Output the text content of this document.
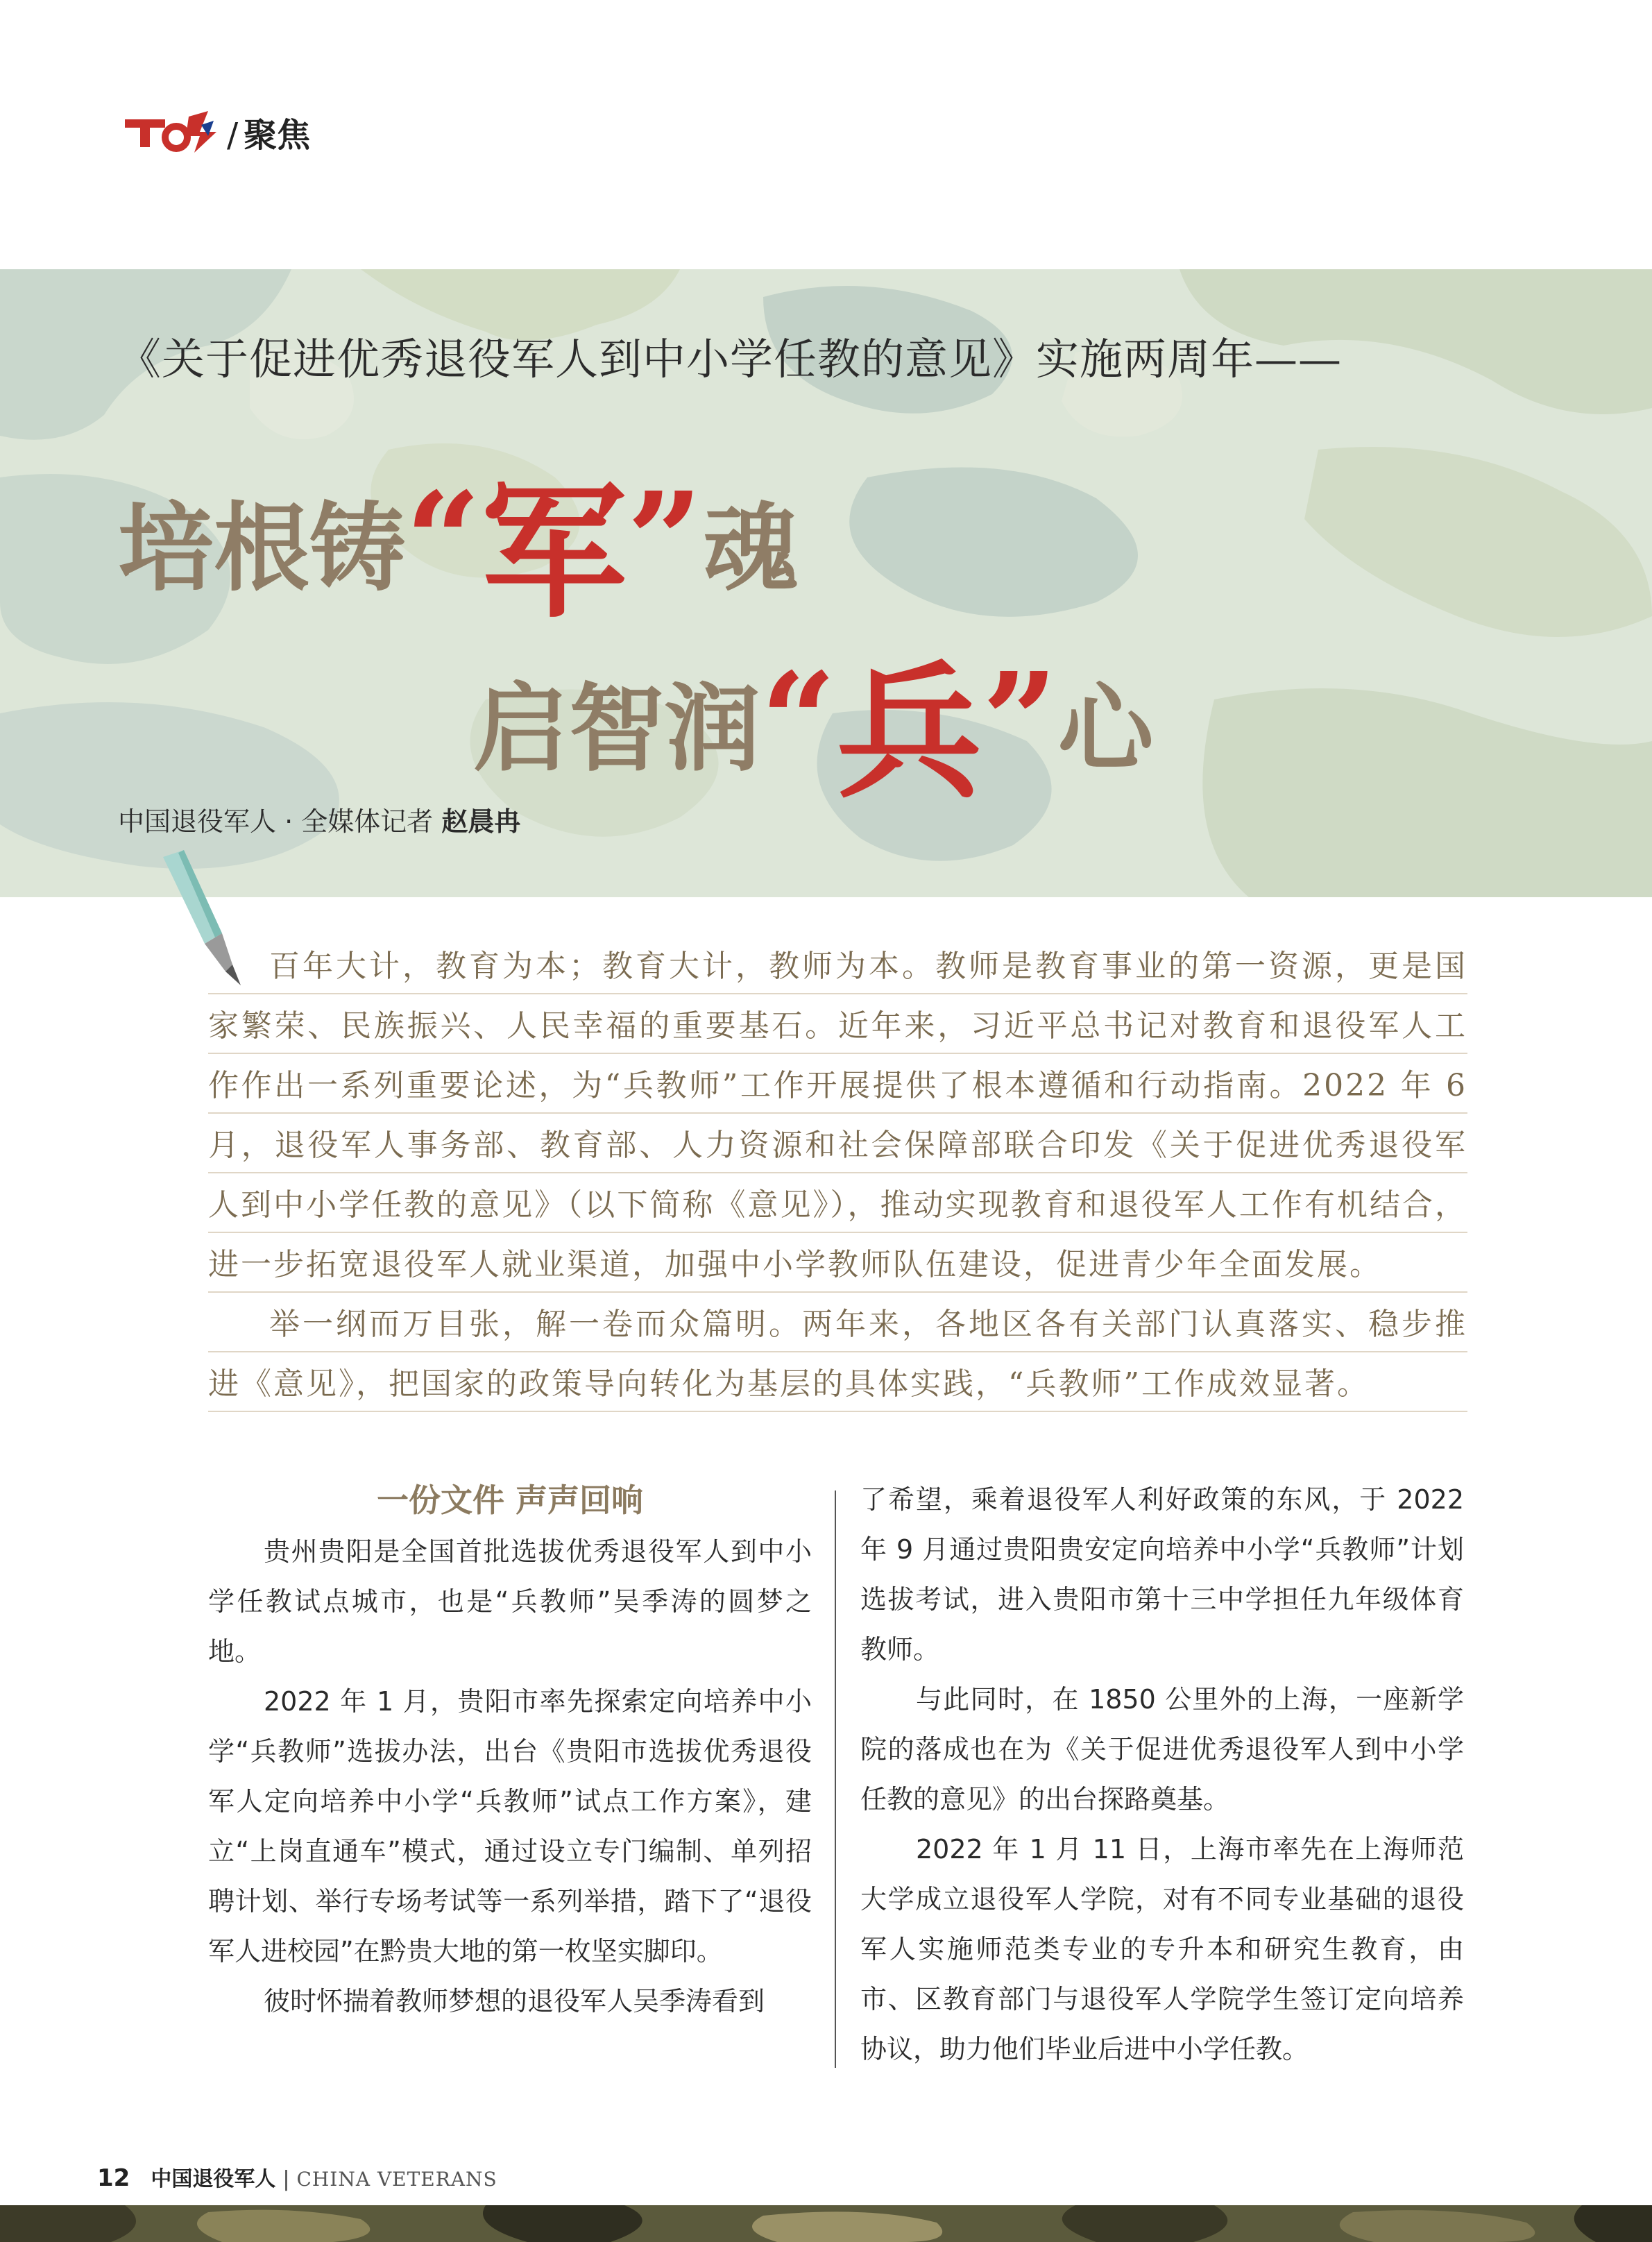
/ 聚焦
《关于促进优秀退役军人到中小学任教的意见》实施两周年——
培根铸“军”魂
启智润“兵”心
中国退役军人 · 全媒体记者 赵晨冉

百年大计，教育为本；教育大计，教师为本。教师是教育事业的第一资源，更是国家繁荣、民族振兴、人民幸福的重要基石。近年来，习近平总书记对教育和退役军人工作作出一系列重要论述，为“兵教师”工作开展提供了根本遵循和行动指南。2022 年 6 月，退役军人事务部、教育部、人力资源和社会保障部联合印发《关于促进优秀退役军人到中小学任教的意见》（以下简称《意见》），推动实现教育和退役军人工作有机结合，进一步拓宽退役军人就业渠道，加强中小学教师队伍建设，促进青少年全面发展。

举一纲而万目张，解一卷而众篇明。两年来，各地区各有关部门认真落实、稳步推进《意见》，把国家的政策导向转化为基层的具体实践，“兵教师”工作成效显著。

一份文件 声声回响

贵州贵阳是全国首批选拔优秀退役军人到中小学任教试点城市，也是“兵教师”吴季涛的圆梦之地。

2022 年 1 月，贵阳市率先探索定向培养中小学“兵教师”选拔办法，出台《贵阳市选拔优秀退役军人定向培养中小学“兵教师”试点工作方案》，建立“上岗直通车”模式，通过设立专门编制、单列招聘计划、举行专场考试等一系列举措，踏下了“退役军人进校园”在黔贵大地的第一枚坚实脚印。

彼时怀揣着教师梦想的退役军人吴季涛看到

了希望，乘着退役军人利好政策的东风，于 2022 年 9 月通过贵阳贵安定向培养中小学“兵教师”计划选拔考试，进入贵阳市第十三中学担任九年级体育教师。

与此同时，在 1850 公里外的上海，一座新学院的落成也在为《关于促进优秀退役军人到中小学任教的意见》的出台探路奠基。

2022 年 1 月 11 日，上海市率先在上海师范大学成立退役军人学院，对有不同专业基础的退役军人实施师范类专业的专升本和研究生教育，由市、区教育部门与退役军人学院学生签订定向培养协议，助力他们毕业后进中小学任教。

12 中国退役军人 | CHINA VETERANS
